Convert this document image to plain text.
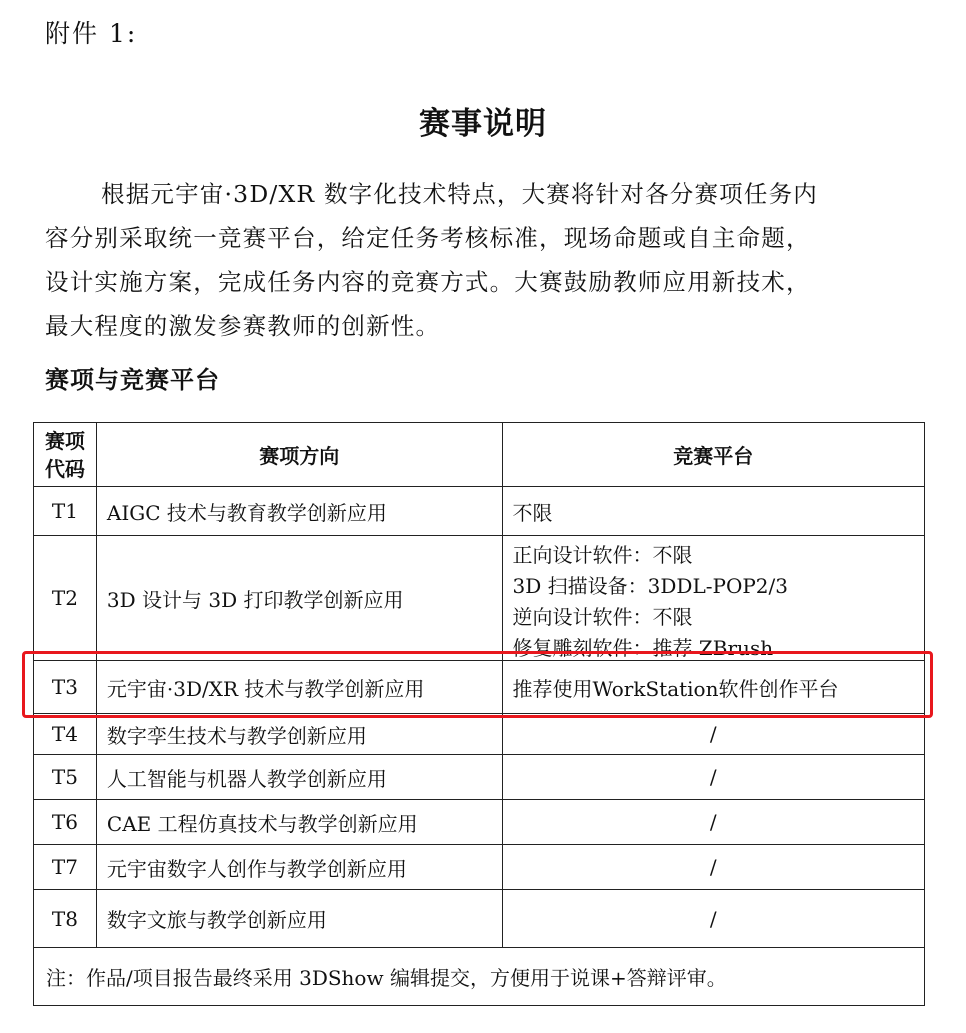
附件 1:
赛事说明
根据元宇宙·3D/XR 数字化技术特点，大赛将针对各分赛项任务内
容分别采取统一竞赛平台，给定任务考核标准，现场命题或自主命题，
设计实施方案，完成任务内容的竞赛方式。大赛鼓励教师应用新技术，
最大程度的激发参赛教师的创新性。
赛项与竞赛平台
赛项
代码	赛项方向	竞赛平台
T1	AIGC 技术与教育教学创新应用	不限
T2	3D 设计与 3D 打印教学创新应用	正向设计软件：不限
3D 扫描设备：3DDL-POP2/3
逆向设计软件：不限
修复雕刻软件：推荐 ZBrush

T3	元宇宙·3D/XR 技术与教学创新应用	推荐使用WorkStation软件创作平台
T4	数字孪生技术与教学创新应用	/
T5	人工智能与机器人教学创新应用	/
T6	CAE 工程仿真技术与教学创新应用	/
T7	元宇宙数字人创作与教学创新应用	/
T8	数字文旅与教学创新应用	/
注：作品/项目报告最终采用 3DShow 编辑提交，方便用于说课+答辩评审。		
